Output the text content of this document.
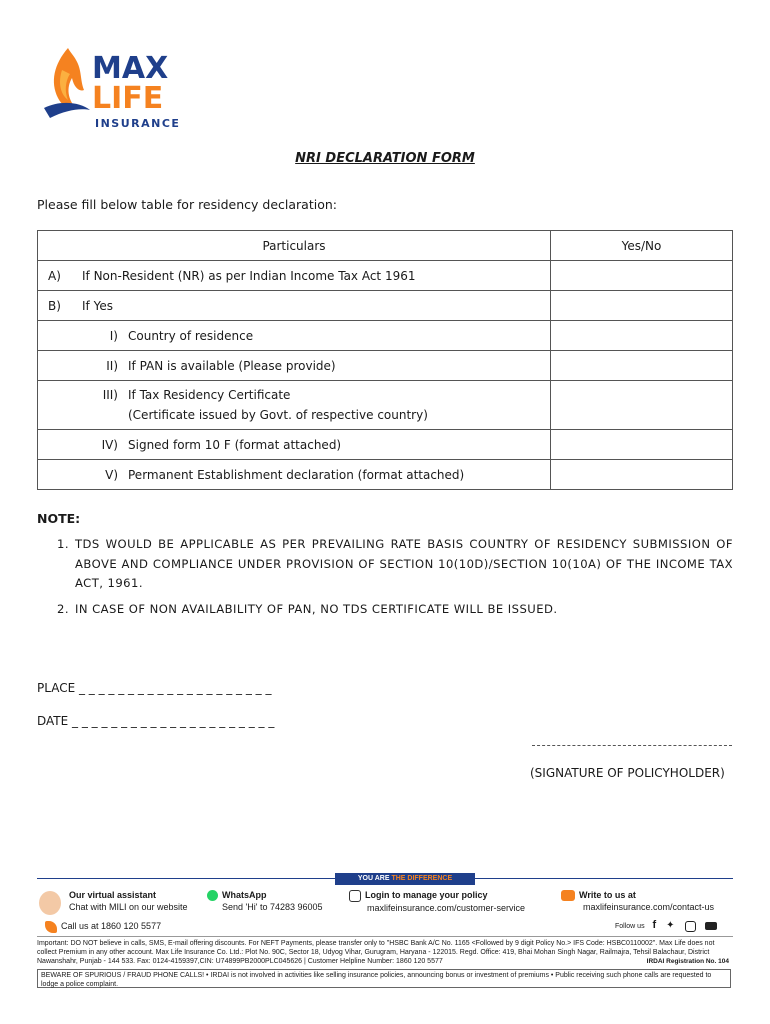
MAX
LIFE
INSURANCE
NRI DECLARATION FORM
Please fill below table for residency declaration:
Particulars	Yes/No

A) If Non-Resident (NR) as per Indian Income Tax Act 1961	

B) If Yes	

I) Country of residence	

II) If PAN is available (Please provide)	

III) If Tax Residency Certificate
(Certificate issued by Govt. of respective country)	

IV) Signed form 10 F (format attached)	

V) Permanent Establishment declaration (format attached)	

NOTE:
1. TDS WOULD BE APPLICABLE AS PER PREVAILING RATE BASIS COUNTRY OF RESIDENCY SUBMISSION OF ABOVE AND COMPLIANCE UNDER PROVISION OF SECTION 10(10D)/SECTION 10(10A) OF THE INCOME TAX ACT, 1961.
2. IN CASE OF NON AVAILABILITY OF PAN, NO TDS CERTIFICATE WILL BE ISSUED.
PLACE _ _ _ _ _ _ _ _ _ _ _ _ _ _ _ _ _ _ _ _
DATE _ _ _ _ _ _ _ _ _ _ _ _ _ _ _ _ _ _ _ _ _
(SIGNATURE OF POLICYHOLDER)
YOU ARE THE DIFFERENCE
Our virtual assistant
Chat with MILI on our website
WhatsApp
Send 'Hi' to 74283 96005
Login to manage your policy
maxlifeinsurance.com/customer-service
Write to us at
maxlifeinsurance.com/contact-us
Call us at 1860 120 5577	Follow us f ✦
Important: DO NOT believe in calls, SMS, E-mail offering discounts. For NEFT Payments, please transfer only to "HSBC Bank A/C No. 1165 <Followed by 9 digit Policy No.> IFS Code: HSBC0110002". Max Life does not collect Premium in any other account. Max Life Insurance Co. Ltd.: Plot No. 90C, Sector 18, Udyog Vihar, Gurugram, Haryana - 122015. Regd. Office: 419, Bhai Mohan Singh Nagar, Railmajra, Tehsil Balachaur, District Nawanshahr, Punjab - 144 533. Fax: 0124-4159397,CIN: U74899PB2000PLC045626 | Customer Helpline Number: 1860 120 5577	IRDAI Registration No. 104
BEWARE OF SPURIOUS / FRAUD PHONE CALLS! • IRDAI is not involved in activities like selling insurance policies, announcing bonus or investment of premiums • Public receiving such phone calls are requested to lodge a police complaint.
